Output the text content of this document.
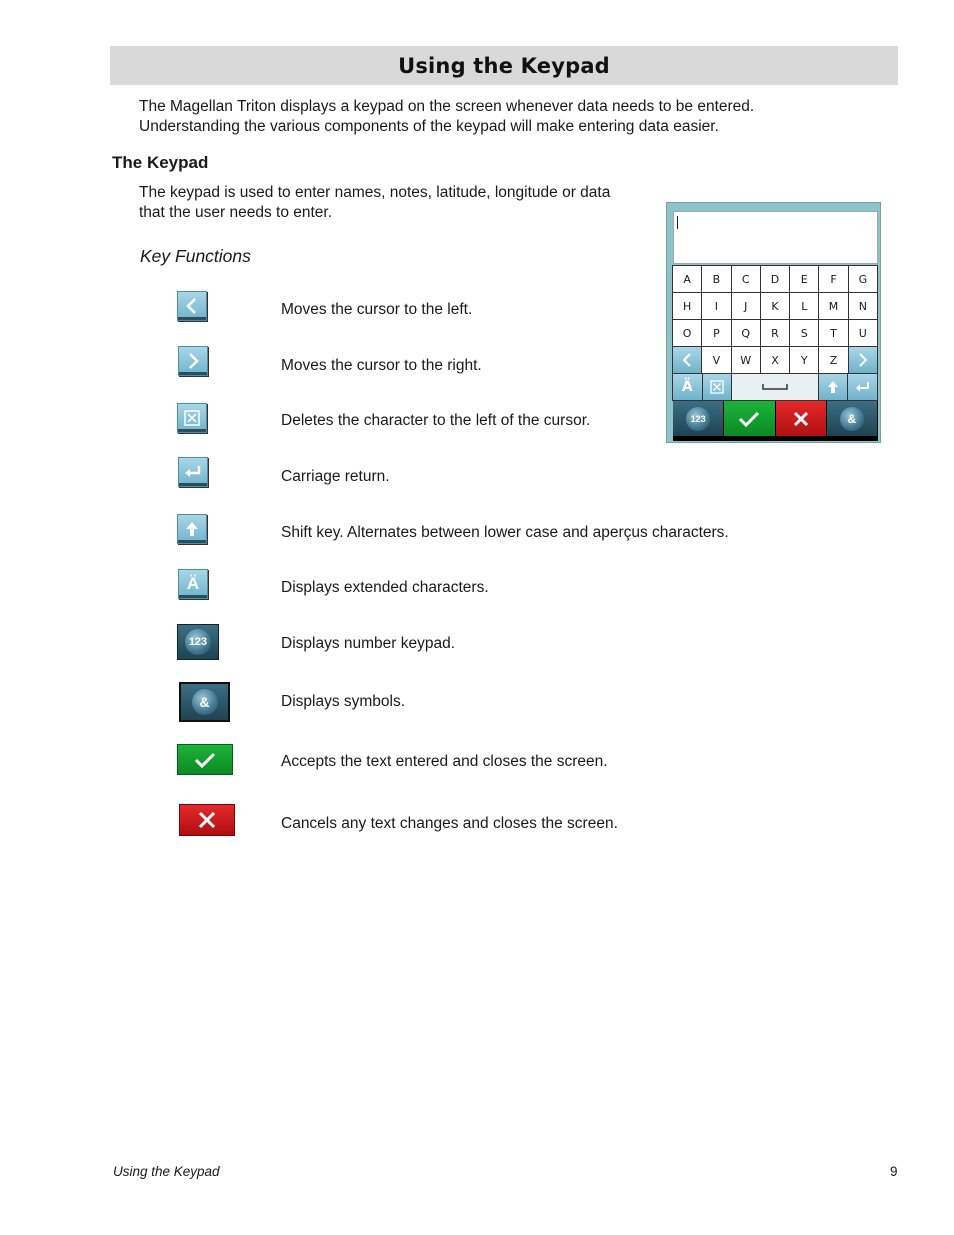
Using the Keypad
The Magellan Triton displays a keypad on the screen whenever data needs to be entered.
Understanding the various components of the keypad will make entering data easier.
The Keypad
The keypad is used to enter names, notes, latitude, longitude or data
that the user needs to enter.
Key Functions
Moves the cursor to the left.
Moves the cursor to the right.
Deletes the character to the left of the cursor.
Carriage return.
Shift key. Alternates between lower case and aperçus characters.
Ä	Displays extended characters.
123	Displays number keypad.
&	Displays symbols.
Accepts the text entered and closes the screen.
Cancels any text changes and closes the screen.
A	B	C	D	E	F	G
H	I	J	K	L	M	N
O	P	Q	R	S	T	U
V	W	X	Y	Z
Ä
123	&
Using the Keypad	9
